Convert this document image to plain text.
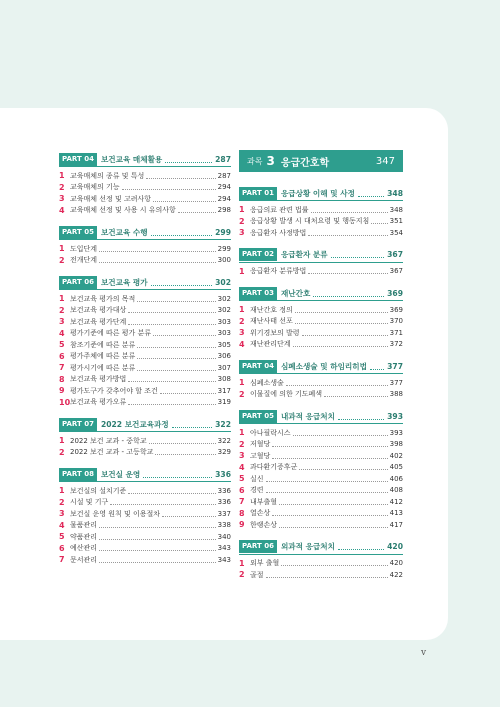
PART 04 보건교육 매체활용	287
1 교육매체의 종류 및 특성	287
2 교육매체의 기능	294
3 교육매체 선정 및 고려사항	294
4 교육매체 선정 및 사용 시 유의사항	298
PART 05 보건교육 수행	299
1 도입단계	299
2 전개단계	300
PART 06 보건교육 평가	302
1 보건교육 평가의 목적	302
2 보건교육 평가대상	302
3 보건교육 평가단계	303
4 평가기준에 따른 평가 분류	303
5 참조기준에 따른 분류	305
6 평가주체에 따른 분류	306
7 평가시기에 따른 분류	307
8 보건교육 평가방법	308
9 평가도구가 갖추어야 할 조건	317
10 보건교육 평가오류	319
PART 07 2022 보건교육과정	322
1 2022 보건 교과 - 중학교	322
2 2022 보건 교과 - 고등학교	329
PART 08 보건실 운영	336
1 보건실의 설치기준	336
2 시설 및 기구	336
3 보건실 운영 원칙 및 이용절차	337
4 물품관리	338
5 약품관리	340
6 예산관리	343
7 문서관리	343
과목 3 응급간호학	347
PART 01 응급상황 이해 및 사정	348
1 응급의료 관련 법률	348
2 응급상황 발생 시 대처요령 및 행동지침	351
3 응급환자 사정방법	354
PART 02 응급환자 분류	367
1 응급환자 분류방법	367
PART 03 재난간호	369
1 재난간호 정의	369
2 재난사태 선포	370
3 위기경보의 발령	371
4 재난관리단계	372
PART 04 심폐소생술 및 하임리히법	377
1 심폐소생술	377
2 이물질에 의한 기도폐색	388
PART 05 내과적 응급처치	393
1 아나필락시스	393
2 저혈당	398
3 고혈당	402
4 과다환기증후군	405
5 실신	406
6 경련	408
7 내부출혈	412
8 열손상	413
9 한랭손상	417
PART 06 외과적 응급처치	420
1 외부 출혈	420
2 골절	422
v
